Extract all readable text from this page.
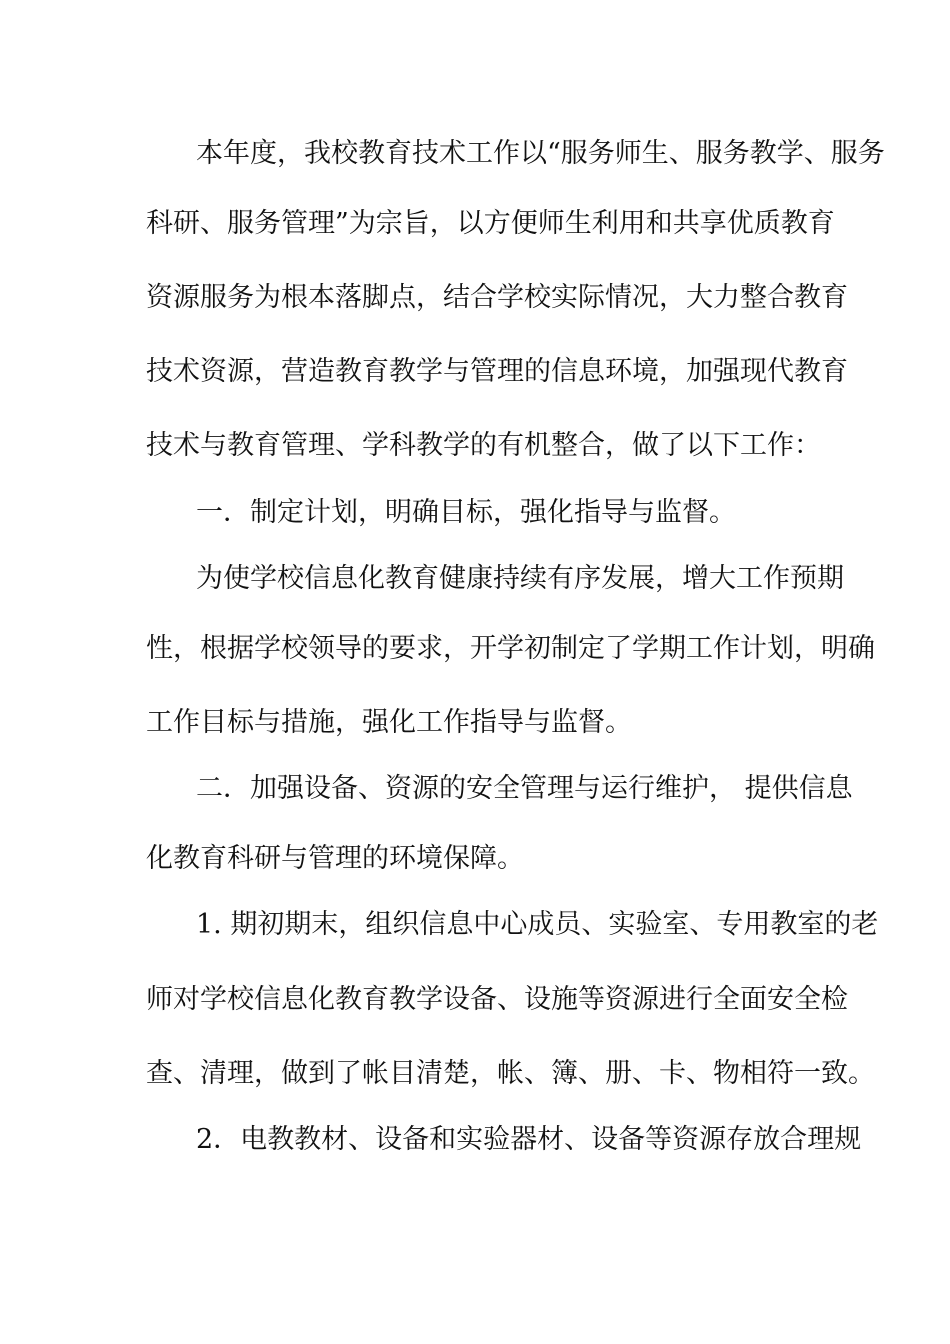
本年度，我校教育技术工作以“服务师生、服务教学、服务
科研、服务管理”为宗旨，以方便师生利用和共享优质教育
资源服务为根本落脚点，结合学校实际情况，大力整合教育
技术资源，营造教育教学与管理的信息环境，加强现代教育
技术与教育管理、学科教学的有机整合，做了以下工作：
一．制定计划，明确目标，强化指导与监督。
为使学校信息化教育健康持续有序发展，增大工作预期
性，根据学校领导的要求，开学初制定了学期工作计划，明确
工作目标与措施，强化工作指导与监督。
二．加强设备、资源的安全管理与运行维护， 提供信息
化教育科研与管理的环境保障。
1. 期初期末，组织信息中心成员、实验室、专用教室的老
师对学校信息化教育教学设备、设施等资源进行全面安全检
查、清理，做到了帐目清楚，帐、簿、册、卡、物相符一致。
2．电教教材、设备和实验器材、设备等资源存放合理规
